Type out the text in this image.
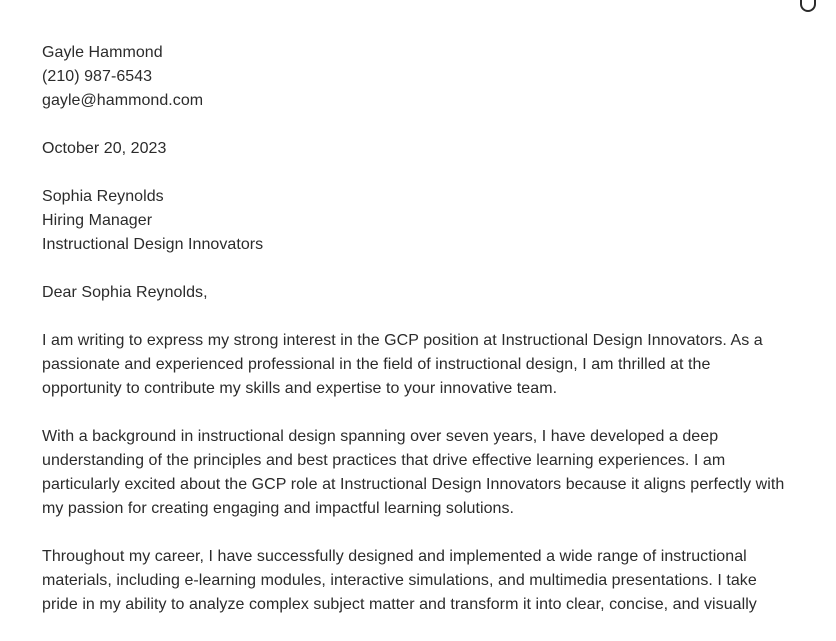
Gayle Hammond
(210) 987-6543
gayle@hammond.com
October 20, 2023
Sophia Reynolds
Hiring Manager
Instructional Design Innovators
Dear Sophia Reynolds,
I am writing to express my strong interest in the GCP position at Instructional Design Innovators. As a
passionate and experienced professional in the field of instructional design, I am thrilled at the
opportunity to contribute my skills and expertise to your innovative team.
With a background in instructional design spanning over seven years, I have developed a deep
understanding of the principles and best practices that drive effective learning experiences. I am
particularly excited about the GCP role at Instructional Design Innovators because it aligns perfectly with
my passion for creating engaging and impactful learning solutions.
Throughout my career, I have successfully designed and implemented a wide range of instructional
materials, including e-learning modules, interactive simulations, and multimedia presentations. I take
pride in my ability to analyze complex subject matter and transform it into clear, concise, and visually
